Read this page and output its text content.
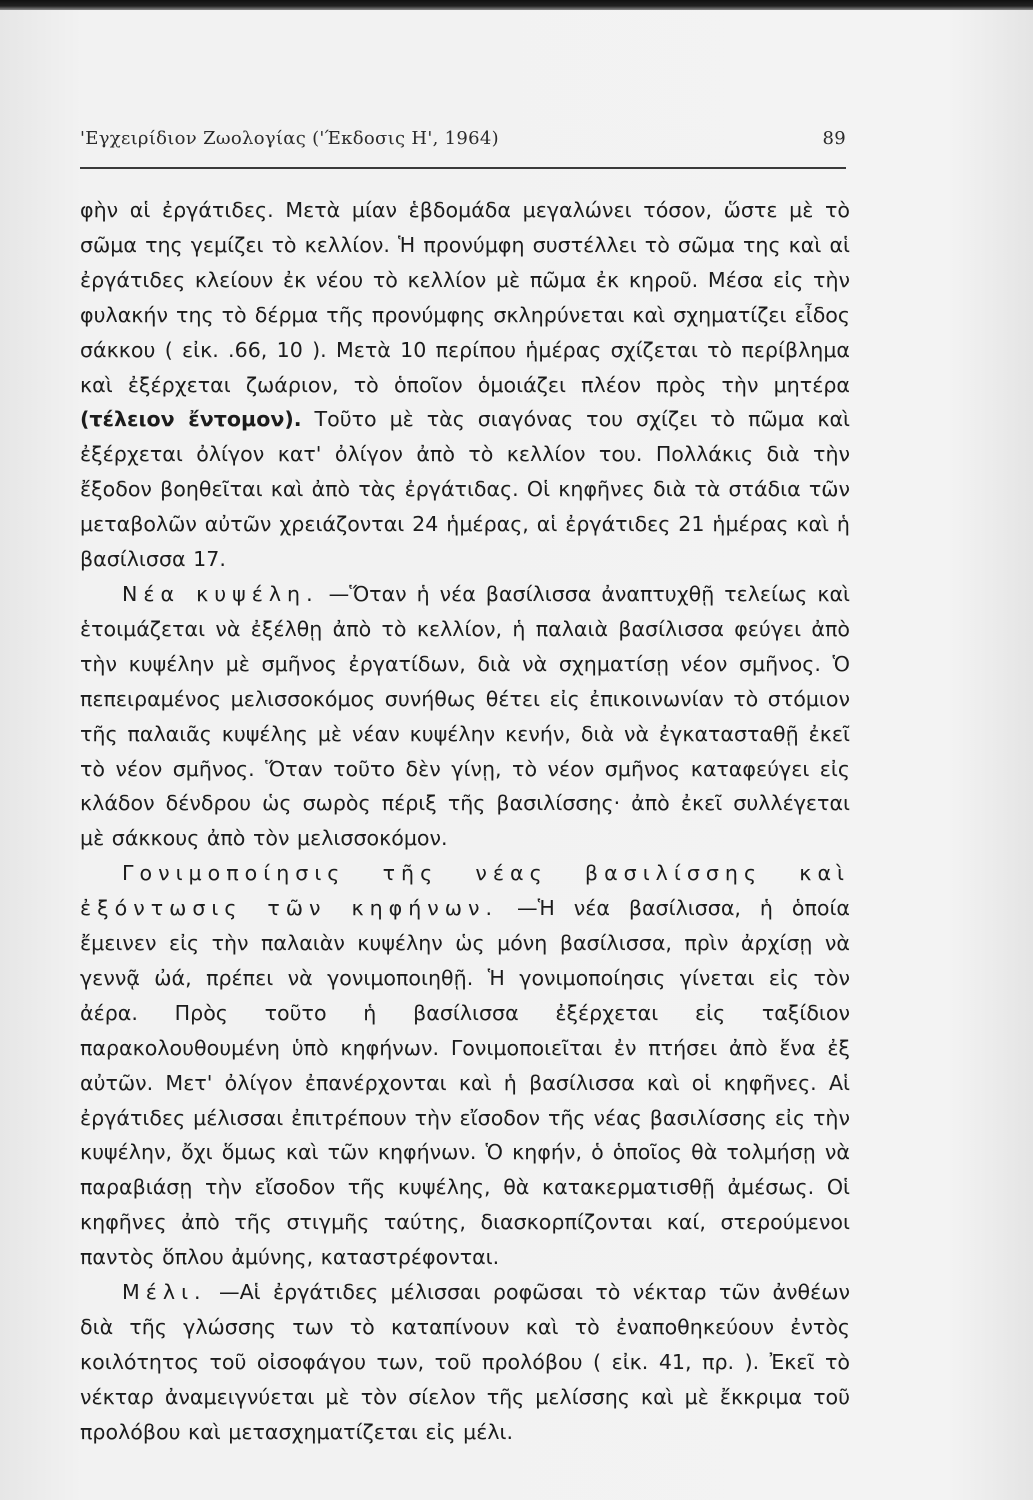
'Εγχειρίδιον Ζωολογίας ('Έκδοσις Η', 1964)	89

φὴν αἱ ἐργάτιδες. Μετὰ μίαν ἑβδομάδα μεγαλώνει τόσον, ὥστε μὲ τὸ σῶμα της γεμίζει τὸ κελλίον. Ἡ προνύμφη συστέλλει τὸ σῶμα της καὶ αἱ ἐργάτιδες κλείουν ἐκ νέου τὸ κελλίον μὲ πῶμα ἐκ κηροῦ. Μέσα εἰς τὴν φυλακήν της τὸ δέρμα τῆς προνύμφης σκληρύνεται καὶ σχηματίζει εἶδος σάκκου ( εἰκ. .66, 10 ). Μετὰ 10 περίπου ἡμέρας σχίζεται τὸ περίβλημα καὶ ἐξέρχεται ζωάριον, τὸ ὁποῖον ὁμοιάζει πλέον πρὸς τὴν μητέρα (τέλειον ἔντομον). Τοῦτο μὲ τὰς σιαγόνας του σχίζει τὸ πῶμα καὶ ἐξέρχεται ὀλίγον κατ' ὀλίγον ἀπὸ τὸ κελλίον του. Πολλάκις διὰ τὴν ἔξοδον βοηθεῖται καὶ ἀπὸ τὰς ἐργάτιδας. Οἱ κηφῆνες διὰ τὰ στάδια τῶν μεταβολῶν αὐτῶν χρειάζονται 24 ἡμέρας, αἱ ἐργάτιδες 21 ἡμέρας καὶ ἡ βασίλισσα 17.

Νέα κυψέλη. —Ὅταν ἡ νέα βασίλισσα ἀναπτυχθῇ τελείως καὶ ἑτοιμάζεται νὰ ἐξέλθῃ ἀπὸ τὸ κελλίον, ἡ παλαιὰ βασίλισσα φεύγει ἀπὸ τὴν κυψέλην μὲ σμῆνος ἐργατίδων, διὰ νὰ σχηματίσῃ νέον σμῆνος. Ὁ πεπειραμένος μελισσοκόμος συνήθως θέτει εἰς ἐπικοινωνίαν τὸ στόμιον τῆς παλαιᾶς κυψέλης μὲ νέαν κυψέλην κενήν, διὰ νὰ ἐγκατασταθῇ ἐκεῖ τὸ νέον σμῆνος. Ὅταν τοῦτο δὲν γίνῃ, τὸ νέον σμῆνος καταφεύγει εἰς κλάδον δένδρου ὡς σωρὸς πέριξ τῆς βασιλίσσης· ἀπὸ ἐκεῖ συλλέγεται μὲ σάκκους ἀπὸ τὸν μελισσοκόμον.

Γονιμοποίησις τῆς νέας βασιλίσσης καὶ ἐξόντωσις τῶν κηφήνων. —Ἡ νέα βασίλισσα, ἡ ὁποία ἔμεινεν εἰς τὴν παλαιὰν κυψέλην ὡς μόνη βασίλισσα, πρὶν ἀρχίσῃ νὰ γεννᾷ ὠά, πρέπει νὰ γονιμοποιηθῇ. Ἡ γονιμοποίησις γίνεται εἰς τὸν ἀέρα. Πρὸς τοῦτο ἡ βασίλισσα ἐξέρχεται εἰς ταξίδιον παρακολουθουμένη ὑπὸ κηφήνων. Γονιμοποιεῖται ἐν πτήσει ἀπὸ ἕνα ἐξ αὐτῶν. Μετ' ὀλίγον ἐπανέρχονται καὶ ἡ βασίλισσα καὶ οἱ κηφῆνες. Αἱ ἐργάτιδες μέλισσαι ἐπιτρέπουν τὴν εἴσοδον τῆς νέας βασιλίσσης εἰς τὴν κυψέλην, ὄχι ὅμως καὶ τῶν κηφήνων. Ὁ κηφήν, ὁ ὁποῖος θὰ τολμήσῃ νὰ παραβιάσῃ τὴν εἴσοδον τῆς κυψέλης, θὰ κατακερματισθῇ ἀμέσως. Οἱ κηφῆνες ἀπὸ τῆς στιγμῆς ταύτης, διασκορπίζονται καί, στερούμενοι παντὸς ὅπλου ἀμύνης, καταστρέφονται.

Μέλι. —Αἱ ἐργάτιδες μέλισσαι ροφῶσαι τὸ νέκταρ τῶν ἀνθέων διὰ τῆς γλώσσης των τὸ καταπίνουν καὶ τὸ ἐναποθηκεύουν ἐντὸς κοιλότητος τοῦ οἰσοφάγου των, τοῦ προλόβου ( εἰκ. 41, πρ. ). Ἐκεῖ τὸ νέκταρ ἀναμειγνύεται μὲ τὸν σίελον τῆς μελίσσης καὶ μὲ ἔκκριμα τοῦ προλόβου καὶ μετασχηματίζεται εἰς μέλι.
